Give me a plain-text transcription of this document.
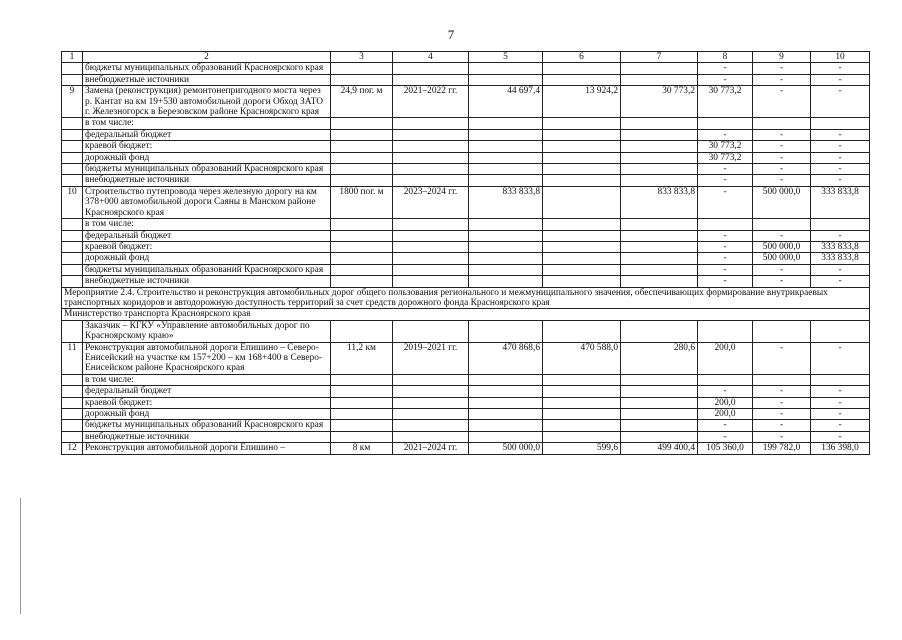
7
1	2	3	4	5	6	7	8	9	10
	бюджеты муниципальных образований Красноярского края						-	-	-
	внебюджетные источники						-	-	-
9	Замена (реконструкция) ремонтонепригодного моста через р. Кантат на км 19+530 автомобильной дороги Обход ЗАТО г. Железногорск в Березовском районе Красноярского края	24,9 пог. м	2021–2022 гг.	44 697,4	13 924,2	30 773,2	30 773,2	-	-
	в том числе:								
	федеральный бюджет						-	-	-
	краевой бюджет:						30 773,2	-	-
	дорожный фонд						30 773,2	-	-
	бюджеты муниципальных образований Красноярского края						-	-	-
	внебюджетные источники						-	-	-
10	Строительство путепровода через железную дорогу на км 378+000 автомобильной дороги Саяны в Манском районе Красноярского края	1800 пог. м	2023–2024 гг.	833 833,8		833 833,8	-	500 000,0	333 833,8
	в том числе:								
	федеральный бюджет						-	-	-
	краевой бюджет:						-	500 000,0	333 833,8
	дорожный фонд						-	500 000,0	333 833,8
	бюджеты муниципальных образований Красноярского края						-	-	-
	внебюджетные источники						-	-	-
Мероприятие 2.4. Строительство и реконструкция автомобильных дорог общего пользования регионального и межмуниципального значения, обеспечивающих формирование внутрикраевых транспортных коридоров и автодорожную доступность территорий за счет средств дорожного фонда Красноярского края									
Министерство транспорта Красноярского края									
	Заказчик – КГКУ «Управление автомобильных дорог по Красноярскому краю»								
11	Реконструкция автомобильной дороги Епишино – Северо-Енисейский на участке км 157+200 – км 168+400 в Северо-Енисейском районе Красноярского края	11,2 км	2019–2021 гг.	470 868,6	470 588,0	280,6	200,0	-	-
	в том числе:								
	федеральный бюджет						-	-	-
	краевой бюджет:						200,0	-	-
	дорожный фонд						200,0	-	-
	бюджеты муниципальных образований Красноярского края						-	-	-
	внебюджетные источники						-	-	-
12	Реконструкция автомобильной дороги Епишино –	8 км	2021–2024 гг.	500 000,0	599,6	499 400,4	105 360,0	199 782,0	136 398,0
